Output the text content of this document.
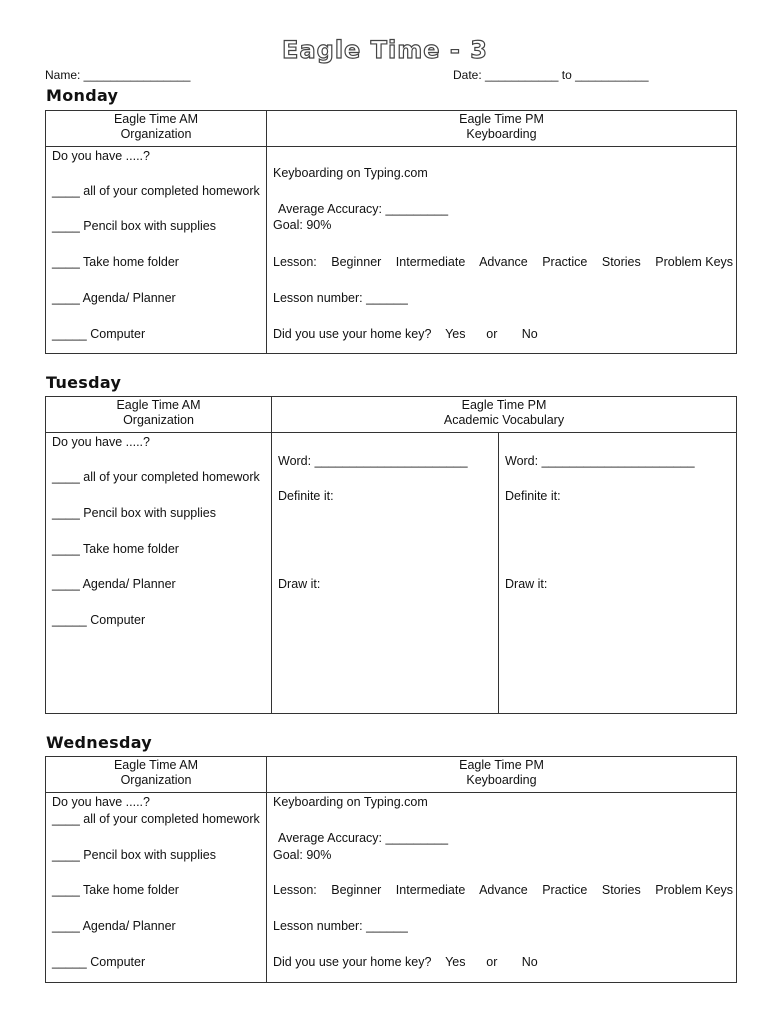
Eagle Time - 3
Name: ________________	Date: ___________ to ___________
Monday
Eagle Time AM
Organization
Eagle Time PM
Keyboarding
Do you have .....?
____ all of your completed homework
____ Pencil box with supplies
____ Take home folder
____ Agenda/ Planner
_____ Computer
Keyboarding on Typing.com
Average Accuracy: _________
Goal: 90%
Lesson: Beginner Intermediate Advance Practice Stories Problem Keys
Lesson number: ______
Did you use your home key?    Yes      or       No
Tuesday
Eagle Time AM
Organization
Eagle Time PM
Academic Vocabulary
Do you have .....?
____ all of your completed homework
____ Pencil box with supplies
____ Take home folder
____ Agenda/ Planner
_____ Computer
Word: ______________________
Definite it:
Draw it:
Word: ______________________
Definite it:
Draw it:
Wednesday
Eagle Time AM
Organization
Eagle Time PM
Keyboarding
Do you have .....?
____ all of your completed homework
____ Pencil box with supplies
____ Take home folder
____ Agenda/ Planner
_____ Computer
Keyboarding on Typing.com
Average Accuracy: _________
Goal: 90%
Lesson: Beginner Intermediate Advance Practice Stories Problem Keys
Lesson number: ______
Did you use your home key?    Yes      or       No
